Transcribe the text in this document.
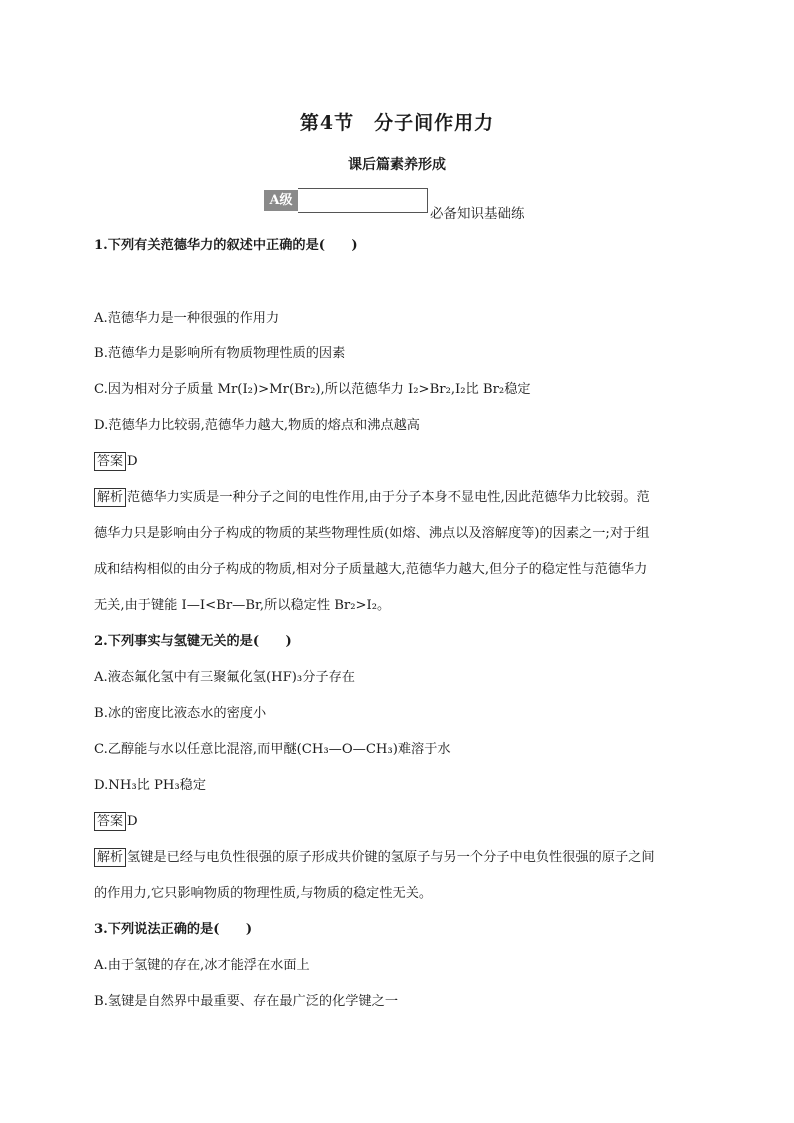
第4节　分子间作用力
课后篇素养形成
A级
必备知识基础练
1.下列有关范德华力的叙述中正确的是(　　)
A.范德华力是一种很强的作用力
B.范德华力是影响所有物质物理性质的因素
C.因为相对分子质量 Mr(I₂)>Mr(Br₂),所以范德华力 I₂>Br₂,I₂比 Br₂稳定
D.范德华力比较弱,范德华力越大,物质的熔点和沸点越高
答案 D
解析 范德华力实质是一种分子之间的电性作用,由于分子本身不显电性,因此范德华力比较弱。范
德华力只是影响由分子构成的物质的某些物理性质(如熔、沸点以及溶解度等)的因素之一;对于组
成和结构相似的由分子构成的物质,相对分子质量越大,范德华力越大,但分子的稳定性与范德华力
无关,由于键能 I—I<Br—Br,所以稳定性 Br₂>I₂。
2.下列事实与氢键无关的是(　　)
A.液态氟化氢中有三聚氟化氢(HF)₃分子存在
B.冰的密度比液态水的密度小
C.乙醇能与水以任意比混溶,而甲醚(CH₃—O—CH₃)难溶于水
D.NH₃比 PH₃稳定
答案 D
解析 氢键是已经与电负性很强的原子形成共价键的氢原子与另一个分子中电负性很强的原子之间
的作用力,它只影响物质的物理性质,与物质的稳定性无关。
3.下列说法正确的是(　　)
A.由于氢键的存在,冰才能浮在水面上
B.氢键是自然界中最重要、存在最广泛的化学键之一
